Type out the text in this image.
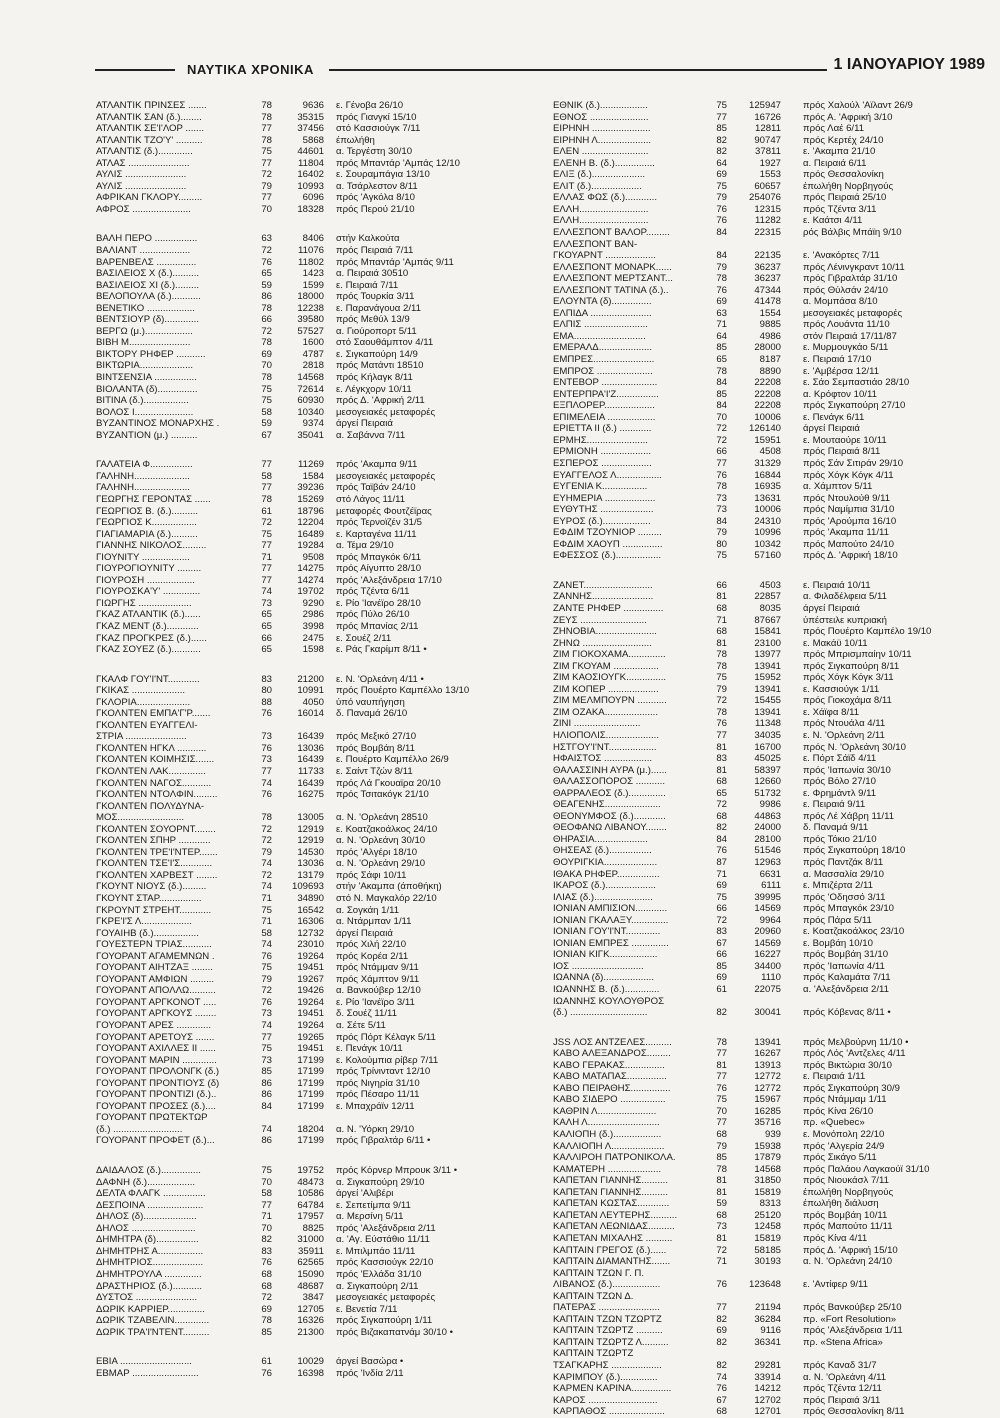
ΝΑΥΤΙΚΑ ΧΡΟΝΙΚΑ	1 ΙΑΝΟΥΑΡΙΟΥ 1989
ΑΤΛΑΝΤΙΚ ΠΡΙΝΣΕΣ .......	78	9636 ε. Γένοβα 26/10
ΑΤΛΑΝΤΙΚ ΣΑΝ (δ.)........	78	35315 πρός Γιανγκί 15/10
ΑΤΛΑΝΤΙΚ ΣΕ'Ι'ΛΟΡ .......	77	37456 στό Κασσιούγκ 7/11
ΑΤΛΑΝΤΙΚ ΤΖΟ'Υ' ..........	78	5868 έπωλήθη
ΑΤΛΑΝΤΙΣ (δ.).............	75	44601 α. Τεργέστη 30/10
ΑΤΛΑΣ .......................	77	11804 πρός Μπαντάρ 'Αμπάς 12/10
ΑΥΛΙΣ .......................	72	16402 ε. Σουραμπάγια 13/10
ΑΥΛΙΣ .......................	79	10993 α. Τσάρλεστον 8/11
ΑΦΡΙΚΑΝ ΓΚΛΟΡΥ.........	77	6096 πρός 'Αγκόλα 8/10
ΑΦΡΟΣ ......................	70	18328 πρός Περού 21/10
ΒΑΛΗ ΠΕΡΟ ................	63	8406 στήν Καλκούτα
ΒΑΛΙΑΝΤ ...................	72	11076 πρός Πειραιά 7/11
ΒΑΡΕΝΒΕΛΣ ...............	76	11802 πρός Μπαντάρ 'Αμπάς 9/11
ΒΑΣΙΛΕΙΟΣ Χ (δ.)..........	65	1423 α. Πειραιά 30510
ΒΑΣΙΛΕΙΟΣ ΧΙ (δ.).........	59	1599 ε. Πειραιά 7/11
ΒΕΛΟΠΟΥΛΑ (δ.)...........	86	18000 πρός Τουρκία 3/11
ΒΕΝΕΤΙΚΟ ..................	78	12238 ε. Παρανάγουα 2/11
ΒΕΝΤΣΙΟΥΡ (δ).............	66	39580 πρός Μεθύλ 13/9
ΒΕΡΓΩ (μ.)..................	72	57527 α. Γιούροπορτ 5/11
ΒΙΒΗ Μ.......................	78	1600 στό Σαουθάμπτον 4/11
ΒΙΚΤΟΡΥ ΡΗΦΕΡ ...........	69	4787 ε. Σιγκαπούρη 14/9
ΒΙΚΤΩΡΙΑ....................	70	2818 πρός Ματάντι 18510
ΒΙΝΤΣΕΝΣΙΑ ................	78	14568 πρός Κήλαγκ 8/11
ΒΙΟΛΑΝΤΑ (δ)...............	75	72614 ε. Λέγκχορν 10/11
ΒΙΤΙΝΑ (δ.).................	75	60930 πρός Δ. 'Αφρική 2/11
ΒΟΛΟΣ Ι......................	58	10340 μεσογειακές μεταφορές
ΒΥΖΑΝΤΙΝΟΣ ΜΟΝΑΡΧΗΣ .	59	9374 άργεί Πειραιά
ΒΥΖΑΝΤΙΟΝ (μ.) ..........	67	35041 α. Σαβάννα 7/11
ΓΑΛΑΤΕΙΑ Φ................	77	11269 πρός 'Ακαμπα 9/11
ΓΑΛΗΝΗ.....................	58	1584 μεσογειακές μεταφορές
ΓΑΛΗΝΗ.....................	77	39236 πρός Ταϊβάν 24/10
ΓΕΩΡΓΗΣ ΓΕΡΟΝΤΑΣ ......	78	15269 στό Λάγος 11/11
ΓΕΩΡΓΙΟΣ Β. (δ.)..........	61	18796 μεταφορές Φουτζέϊρας
ΓΕΩΡΓΙΟΣ Κ.................	72	12204 πρός Τερνοϊζέν 31/5
ΓΙΑΓΙΑΜΑΡΙΑ (δ.)..........	75	16489 ε. Καρταγένα 11/11
ΓΙΑΝΝΗΣ ΝΙΚΟΛΟΣ.........	77	19284 α. Τέμα 29/10
ΓΙΟΥΝΙΤΥ ..................	71	9508 πρός Μπαγκόκ 6/11
ΓΙΟΥΡΟΓΙΟΥΝΙΤΥ .........	77	14275 πρός Αίγυπτο 28/10
ΓΙΟΥΡΟΣΗ ..................	77	14274 πρός 'Αλεξάνδρεια 17/10
ΓΙΟΥΡΟΣΚΑ'Υ' ..............	74	19702 πρός Τζέντα 6/11
ΓΙΩΡΓΗΣ ....................	73	9290 ε. Ρίο 'Ιανέϊρο 28/10
ΓΚΑΖ ΑΤΛΑΝΤΙΚ (δ.)......	65	2986 πρός Πύλο 26/10
ΓΚΑΖ ΜΕΝΤ (δ.)............	65	3998 πρός Μπανίας 2/11
ΓΚΑΖ ΠΡΟΓΚΡΕΣ (δ.)......	66	2475 ε. Σουέζ 2/11
ΓΚΑΖ ΣΟΥΕΖ (δ.)...........	65	1598 ε. Ράς Γκαρίμπ 8/11 •
ΓΚΑΛΦ ΓΟΥ'Ι'ΝΤ............	83	21200 ε. Ν. 'Ορλεάνη 4/11 •
ΓΚΙΚΑΣ ....................	80	10991 πρός Πουέρτο Καμπέλλο 13/10
ΓΚΛΟΡΙΑ....................	88	4050 ύπό ναυπήγηση
ΓΚΟΛΝΤΕΝ ΕΜΠΑ'Γ'Ρ.......	76	16014 δ. Παναμά 26/10
ΓΚΟΛΝΤΕΝ ΕΥΑΓΓΕΛΙ-
ΣΤΡΙΑ .......................	73	16439 πρός Μεξικό 27/10
ΓΚΟΛΝΤΕΝ ΗΓΚΛ ...........	76	13036 πρός Βομβάη 8/11
ΓΚΟΛΝΤΕΝ ΚΟΙΜΗΣΙΣ.......	73	16439 ε. Πουέρτο Καμπέλλο 26/9
ΓΚΟΛΝΤΕΝ ΛΑΚ..............	77	11733 ε. Σαίντ Τζών 8/11
ΓΚΟΛΝΤΕΝ ΝΑΓΟΣ...........	74	16439 πρός Λά Γκουαϊρα 20/10
ΓΚΟΛΝΤΕΝ ΝΤΟΛΦΙΝ.........	76	16275 πρός Τσιτακόγκ 21/10
ΓΚΟΛΝΤΕΝ ΠΟΛΥΔΥΝΑ-
ΜΟΣ.........................	78	13005 α. Ν. 'Ορλεάνη 28510
ΓΚΟΛΝΤΕΝ ΣΟΥΟΡΝΤ........	72	12919 ε. Κοατζακοάλκος 24/10
ΓΚΟΛΝΤΕΝ ΣΠΗΡ ............	72	12919 α. Ν. 'Ορλεάνη 30/10
ΓΚΟΛΝΤΕΝ ΤΡΕ'Ι'ΝΤΕΡ.......	79	14530 πρός 'Αλγέρι 18/10
ΓΚΟΛΝΤΕΝ ΤΣΕ'Ι'Σ............	74	13036 α. Ν. 'Ορλεάνη 29/10
ΓΚΟΛΝΤΕΝ ΧΑΡΒΕΣΤ ........	72	13179 πρός Σάφι 10/11
ΓΚΟΥΝΤ ΝΙΟΥΣ (δ.).........	74	109693 στήν 'Ακαμπα (άποθήκη)
ΓΚΟΥΝΤ ΣΤΑΡ................	71	34890 στό Ν. Μαγκαλόρ 22/10
ΓΚΡΟΥΝΤ ΣΤΡΕΗΤ............	75	16542 α. Σογκάη 1/11
ΓΚΡΕ'Ι'Σ Λ...................	71	16306 α. Ντάρμπαν 1/11
ΓΟΥΑΙΗΒ (δ.).................	58	12732 άργεί Πειραιά
ΓΟΥΕΣΤΕΡΝ ΤΡΙΑΣ...........	74	23010 πρός Χιλή 22/10
ΓΟΥΟΡΑΝΤ ΑΓΑΜΕΜΝΩΝ .	76	19264 πρός Κορέα 2/11
ΓΟΥΟΡΑΝΤ ΑΙΗΤΖΑΞ ........	75	19451 πρός Ντάμμαν 9/11
ΓΟΥΟΡΑΝΤ ΑΜΦΙΩΝ .........	79	19267 πρός Χάμπτον 9/11
ΓΟΥΟΡΑΝΤ ΑΠΟΛΛΩ..........	72	19426 α. Βανκούβερ 12/10
ΓΟΥΟΡΑΝΤ ΑΡΓΚΟΝΟΤ .....	76	19264 ε. Ρίο 'Ιανέϊρο 3/11
ΓΟΥΟΡΑΝΤ ΑΡΓΚΟΥΣ ........	73	19451 δ. Σουέζ 11/11
ΓΟΥΟΡΑΝΤ ΑΡΕΣ .............	74	19264 α. Σέτε 5/11
ΓΟΥΟΡΑΝΤ ΑΡΕΤΟΥΣ .......	77	19265 πρός Πόρτ Κέλαγκ 5/11
ΓΟΥΟΡΑΝΤ ΑΧΙΛΛΕΣ ΙΙ ......	75	19451 ε. Πενάγκ 10/11
ΓΟΥΟΡΑΝΤ ΜΑΡΙΝ .............	73	17199 ε. Κολούμπια ρίβερ 7/11
ΓΟΥΟΡΑΝΤ ΠΡΟΛΟΝΓΚ (δ.)	85	17199 πρός Τρίνινταντ 12/10
ΓΟΥΟΡΑΝΤ ΠΡΟΝΤΙΟΥΣ (δ)	86	17199 πρός Νιγηρία 31/10
ΓΟΥΟΡΑΝΤ ΠΡΟΝΤΙΖΙ (δ.)..	86	17199 πρός Πέσαρο 11/11
ΓΟΥΟΡΑΝΤ ΠΡΟΣΕΣ (δ.)....	84	17199 ε. Μπαχράϊν 12/11
ΓΟΥΟΡΑΝΤ ΠΡΩΤΕΚΤΩΡ
(δ.) ..........................	74	18204 α. Ν. 'Υόρκη 29/10
ΓΟΥΟΡΑΝΤ ΠΡΟΦΕΤ (δ.)...	86	17199 πρός Γιβραλτάρ 6/11 •
ΔΑΙΔΑΛΟΣ (δ.)...............	75	19752 πρός Κόρνερ Μπρουκ 3/11 •
ΔΑΦΝΗ (δ.)..................	70	48473 α. Σιγκαπούρη 29/10
ΔΕΛΤΑ ΦΛΑΓΚ ................	58	10586 άργεί 'Αλιβέρι
ΔΕΣΠΟΙΝΑ .....................	77	64784 ε. Σεπετίμπα 9/11
ΔΗΛΟΣ (δ)....................	71	17957 α. Μερσίνη 5/11
ΔΗΛΟΣ ........................	70	8825 πρός 'Αλεξάνδρεια 2/11
ΔΗΜΗΤΡΑ (δ)................	82	31000 α. 'Αγ. Εύστάθιο 11/11
ΔΗΜΗΤΡΗΣ Α.................	83	35911 ε. Μπιλμπάο 11/11
ΔΗΜΗΤΡΙΟΣ...................	76	62565 πρός Κασσιούγκ 22/10
ΔΗΜΗΤΡΟΥΛΑ ..............	68	15090 πρός 'Ελλάδα 31/10
ΔΡΑΣΤΗΡΙΟΣ (δ.)...........	68	48687 α. Σιγκαπούρη 2/11
ΔΥΣΤΟΣ .......................	72	3847 μεσογειακές μεταφορές
ΔΩΡΙΚ ΚΑΡΡΙΕΡ..............	69	12705 ε. Βενετία 7/11
ΔΩΡΙΚ ΤΖΑΒΕΛΙΝ.............	78	16326 πρός Σιγκαπούρη 1/11
ΔΩΡΙΚ ΤΡΑ'Ι'ΝΤΕΝΤ..........	85	21300 πρός Βιζακαπατνάμ 30/10 •
ΕΒΙΑ ...........................	61	10029 άργεί Βασώρα •
ΕΒΜΑΡ .........................	76	16398 πρός 'Ινδία 2/11
ΕΘΝΙΚ (δ.)..................	75	125947 πρός Χαλούλ 'Αϊλαντ 26/9
ΕΘΝΟΣ ......................	77	16726 πρός Α. 'Αφρική 3/10
ΕΙΡΗΝΗ ......................	85	12811 πρός Λαέ 6/11
ΕΙΡΗΝΗ Λ....................	82	90747 πρός Κερτέχ 24/10
ΕΛΕΝ .........................	82	37811 ε. 'Ακαμπα 21/10
ΕΛΕΝΗ Β. (δ.)...............	64	1927 α. Πειραιά 6/11
ΕΛΙΞ (δ.)....................	69	1553 πρός Θεσσαλονίκη
ΕΛΙΤ (δ.)...................	75	60657 έπωλήθη Νορβηγούς
ΕΛΛΑΣ ΦΩΣ (δ.)............	79	254076 πρός Πειραιά 25/10
ΕΛΛΗ..........................	76	12315 πρός Τζέντα 3/11
ΕΛΛΗ..........................	76	11282 ε. Καάτσι 4/11
ΕΛΛΕΣΠΟΝΤ ΒΑΛΟΡ.........	84	22315 ρός Βάλβις Μπάϊη 9/10
ΕΛΛΕΣΠΟΝΤ ΒΑΝ-
ΓΚΟΥΑΡΝΤ ...................	84	22135 ε. 'Ανακόρτες 7/11
ΕΛΛΕΣΠΟΝΤ ΜΟΝΑΡΚ......	79	36237 πρός Λένινγκραντ 10/11
ΕΛΛΕΣΠΟΝΤ ΜΕΡΤΣΑΝΤ...	78	36237 πρός Γιβραλτάρ 31/10
ΕΛΛΕΣΠΟΝΤ ΤΑΤΙΝΑ (δ.)..	76	47344 πρός Θύλσάν 24/10
ΕΛΟΥΝΤΑ (δ)...............	69	41478 α. Μομπάσα 8/10
ΕΛΠΙΔΑ .......................	63	1554 μεσογειακές μεταφορές
ΕΛΠΙΣ ........................	71	9885 πρός Λουάντα 11/10
ΕΜΑ...........................	64	4986 στόν Πειραιά 17/11/87
ΕΜΕΡΑΛΔ....................	85	28000 ε. Μυρμουγκάο 5/11
ΕΜΠΡΕΣ.......................	65	8187 ε. Πειραιά 17/10
ΕΜΠΡΟΣ .....................	78	8890 ε. 'Αμβέρσα 12/11
ΕΝΤΕΒΟΡ .....................	84	22208 ε. Σάο Σεμπαστιάο 28/10
ΕΝΤΕΡΠΡΑ'Ι'Ζ................	85	22208 α. Κρόφτον 10/11
ΕΞΠΛΟΡΕΡ...................	84	22208 πρός Σιγκαπούρη 27/10
ΕΠΙΜΕΛΕΙΑ ..................	70	10006 ε. Πενάγκ 6/11
ΕΡΙΕΤΤΑ ΙΙ (δ.) ............	72	126140 άργεί Πειραιά
ΕΡΜΗΣ.......................	72	15951 ε. Μουταούρε 10/11
ΕΡΜΙΟΝΗ ...................	66	4508 πρός Πειραιά 8/11
ΕΣΠΕΡΟΣ ...................	77	31329 πρός Σάν Σιτιράν 29/10
ΕΥΑΓΓΕΛΟΣ Λ.................	76	16844 πρός Χόγκ Κόγκ 4/11
ΕΥΓΕΝΙΑ Κ.................	78	16935 α. Χάμπτον 5/11
ΕΥΗΜΕΡΙΑ ...................	73	13631 πρός Ντουλούθ 9/11
ΕΥΘΥΤΗΣ ....................	73	10006 πρός Ναμίμπια 31/10
ΕΥΡΟΣ (δ.)..................	84	24310 πρός 'Αρούμπα 16/10
ΕΦΔΙΜ ΤΖΟΥΝΙΟΡ .........	79	10996 πρός 'Ακαμπα 11/11
ΕΦΔΙΜ ΧΑΟΥΠ ...............	80	10342 πρός Μαπούτο 24/10
ΕΦΕΣΣΟΣ (δ.).................	75	57160 πρός Δ. 'Αφρική 18/10
ΖΑΝΕΤ..........................	66	4503 ε. Πειραιά 10/11
ΖΑΝΝΗΣ.......................	81	22857 α. Φιλαδέλφεια 5/11
ΖΑΝΤΕ ΡΗΦΕΡ ...............	68	8035 άργεί Πειραιά
ΖΕΥΣ .........................	71	87667 ύπέστειλε κυπριακή
ΖΗΝΟΒΙΑ.......................	68	15841 πρός Πουέρτο Καμπέλο 19/10
ΖΗΝΩ ..........................	81	23100 ε. Μακάϋ 10/11
ΖΙΜ ΓΙΟΚΟΧΑΜΑ..............	78	13977 πρός Μπρισμπαίην 10/11
ΖΙΜ ΓΚΟΥΑΜ .................	78	13941 πρός Σιγκαπούρη 8/11
ΖΙΜ ΚΑΟΣΙΟΥΓΚ...............	75	15952 πρός Χόγκ Κόγκ 3/11
ΖΙΜ ΚΟΠΕΡ ...................	79	13941 ε. Κασσιούγκ 1/11
ΖΙΜ ΜΕΛΜΠΟΥΡΝ ...........	72	15455 πρός Γιοκοχάμα 8/11
ΖΙΜ ΟΖΑΚΑ....................	78	13941 ε. Χάϊφα 8/11
ΖΙΝΙ .........................	76	11348 πρός Ντουάλα 4/11
ΗΛΙΟΠΟΛΙΣ....................	77	34035 ε. Ν. 'Ορλεάνη 2/11
ΗΣΤΓΟΥ'Ι'ΝΤ..................	81	16700 πρός Ν. 'Ορλεάνη 30/10
ΗΦΑΙΣΤΟΣ ..................	83	45025 ε. Πόρτ Σάϊδ 4/11
ΘΑΛΑΣΣΙΝΗ ΑΥΡΑ (μ.)......	81	58397 πρός 'Ιαπωνία 30/10
ΘΑΛΑΣΣΟΠΟΡΟΣ ...........	68	12660 πρός Βόλο 27/10
ΘΑΡΡΑΛΕΟΣ (δ.)..............	65	51732 ε. Φρημάντλ 9/11
ΘΕΑΓΕΝΗΣ.....................	72	9986 ε. Πειραιά 9/11
ΘΕΟΝΥΜΦΟΣ (δ.)............	68	44863 πρός Λέ Χάβρη 11/11
ΘΕΟΦΑΝΩ ΛΙΒΑΝΟΥ........	82	24000 δ. Παναμά 9/11
ΘΗΡΑΣΙΑ....................	84	28100 πρός Τόκιο 21/10
ΘΗΣΕΑΣ (δ.)................	76	51546 πρός Σιγκαπούρη 18/10
ΘΟΥΡΙΓΚΙΑ....................	87	12963 πρός Παντζάκ 8/11
ΙΘΑΚΑ ΡΗΦΕΡ................	71	6631 α. Μασσαλία 29/10
ΙΚΑΡΟΣ (δ.)...................	69	6111 ε. Μπιζέρτα 2/11
ΙΛΙΑΣ (δ.)......................	75	39995 πρός 'Οδησσό 3/11
ΙΟΝΙΑΝ ΑΜΠΙΣΙΟΝ............	66	14569 πρός Μπαγκόκ 23/10
ΙΟΝΙΑΝ ΓΚΑΛΑΞΥ..............	72	9964 πρός Πάρα 5/11
ΙΟΝΙΑΝ ΓΟΥ'Ι'ΝΤ.............	83	20960 ε. Κοατζακοάλκος 23/10
ΙΟΝΙΑΝ ΕΜΠΡΕΣ ..............	67	14569 ε. Βομβάη 10/10
ΙΟΝΙΑΝ ΚΙΓΚ..................	66	16227 πρός Βομβάη 31/10
ΙΟΣ ...........................	85	34400 πρός 'Ιαπωνία 4/11
ΙΩΑΝΝΑ (δ)...................	69	1110 πρός Καλαμάτα 7/11
ΙΩΑΝΝΗΣ Β. (δ.).............	61	22075 α. 'Αλεξάνδρεια 2/11
ΙΩΑΝΝΗΣ ΚΟΥΛΟΥΘΡΟΣ
(δ.) .............................	82	30041 πρός Κόβενας 8/11 •
JSS ΛΟΣ ΑΝΤΖΕΛΕΣ..........	78	13941 πρός Μελβούρνη 11/10 •
ΚΑΒΟ ΑΛΕΞΑΝΔΡΟΣ.........	77	16267 πρός Λός 'Αντζελες 4/11
ΚΑΒΟ ΓΕΡΑΚΑΣ...............	81	13913 πρός Βικτώρια 30/10
ΚΑΒΟ ΜΑΤΑΠΑΣ...............	77	12772 ε. Πειραιά 1/11
ΚΑΒΟ ΠΕΙΡΑΘΗΣ...............	76	12772 πρός Σιγκαπούρη 30/9
ΚΑΒΟ ΣΙΔΕΡΟ .................	75	15967 πρός Ντάμμαμ 1/11
ΚΑΘΡΙΝ Λ......................	70	16285 πρός Κίνα 26/10
ΚΑΛΗ Λ...........................	77	35716 πρ. «Quebec»
ΚΑΛΙΟΠΗ (δ.)..................	68	939 ε. Μονόπολη 22/10
ΚΑΛΛΙΟΠΗ Λ....................	79	15938 πρός 'Αλγερία 24/9
ΚΑΛΛΙΡΟΗ ΠΑΤΡΟΝΙΚΟΛΑ.	85	17879 πρός Σικάγο 5/11
ΚΑΜΑΤΕΡΗ ....................	78	14568 πρός Παλάου Λαγκαούϊ 31/10
ΚΑΠΕΤΑΝ ΓΙΑΝΝΗΣ..........	81	31850 πρός Νιουκάσλ 7/11
ΚΑΠΕΤΑΝ ΓΙΑΝΝΗΣ..........	81	15819 έπωλήθη Νορβηγούς
ΚΑΠΕΤΑΝ ΚΩΣΤΑΣ............	59	8313 έπωλήθη διάλυση
ΚΑΠΕΤΑΝ ΛΕΥΤΕΡΗΣ..........	68	25120 πρός Βομβάη 10/11
ΚΑΠΕΤΑΝ ΛΕΩΝΙΔΑΣ..........	73	12458 πρός Μαπούτο 11/11
ΚΑΠΕΤΑΝ ΜΙΧΑΛΗΣ ..........	81	15819 πρός Κίνα 4/11
ΚΑΠΤΑΙΝ ΓΡΕΓΟΣ (δ.)......	72	58185 πρός Δ. 'Αφρική 15/10
ΚΑΠΤΑΙΝ ΔΙΑΜΑΝΤΗΣ.......	71	30193 α. Ν. 'Ορλεάνη 24/10
ΚΑΠΤΑΙΝ ΤΖΩΝ Γ. Π.
ΛΙΒΑΝΟΣ (δ.)..................	76	123648 ε. 'Αντίφερ 9/11
ΚΑΠΤΑΙΝ ΤΖΩΝ Δ.
ΠΑΤΕΡΑΣ .......................	77	21194 πρός Βανκούβερ 25/10
ΚΑΠΤΑΙΝ ΤΖΩΝ ΤΖΩΡΤΖ	82	36284 πρ. «Fort Resolution»
ΚΑΠΤΑΙΝ ΤΖΩΡΤΖ ..........	69	9116 πρός 'Αλεξάνδρεια 1/11
ΚΑΠΤΑΙΝ ΤΖΩΡΤΖ Λ..........	82	36341 πρ. «Stena Africa»
ΚΑΠΤΑΙΝ ΤΖΩΡΤΖ
ΤΣΑΓΚΑΡΗΣ ...................	82	29281 πρός Καναδ 31/7
ΚΑΡΙΜΠΟΥ (δ.)..............	74	33914 α. Ν. 'Ορλεάνη 4/11
ΚΑΡΜΕΝ ΚΑΡΙΝΑ...............	76	14212 πρός Τζέντα 12/11
ΚΑΡΟΣ ..........................	67	12702 πρός Πειραιά 3/11
ΚΑΡΠΑΘΟΣ .....................	68	12701 πρός Θεσσαλονίκη 8/11
